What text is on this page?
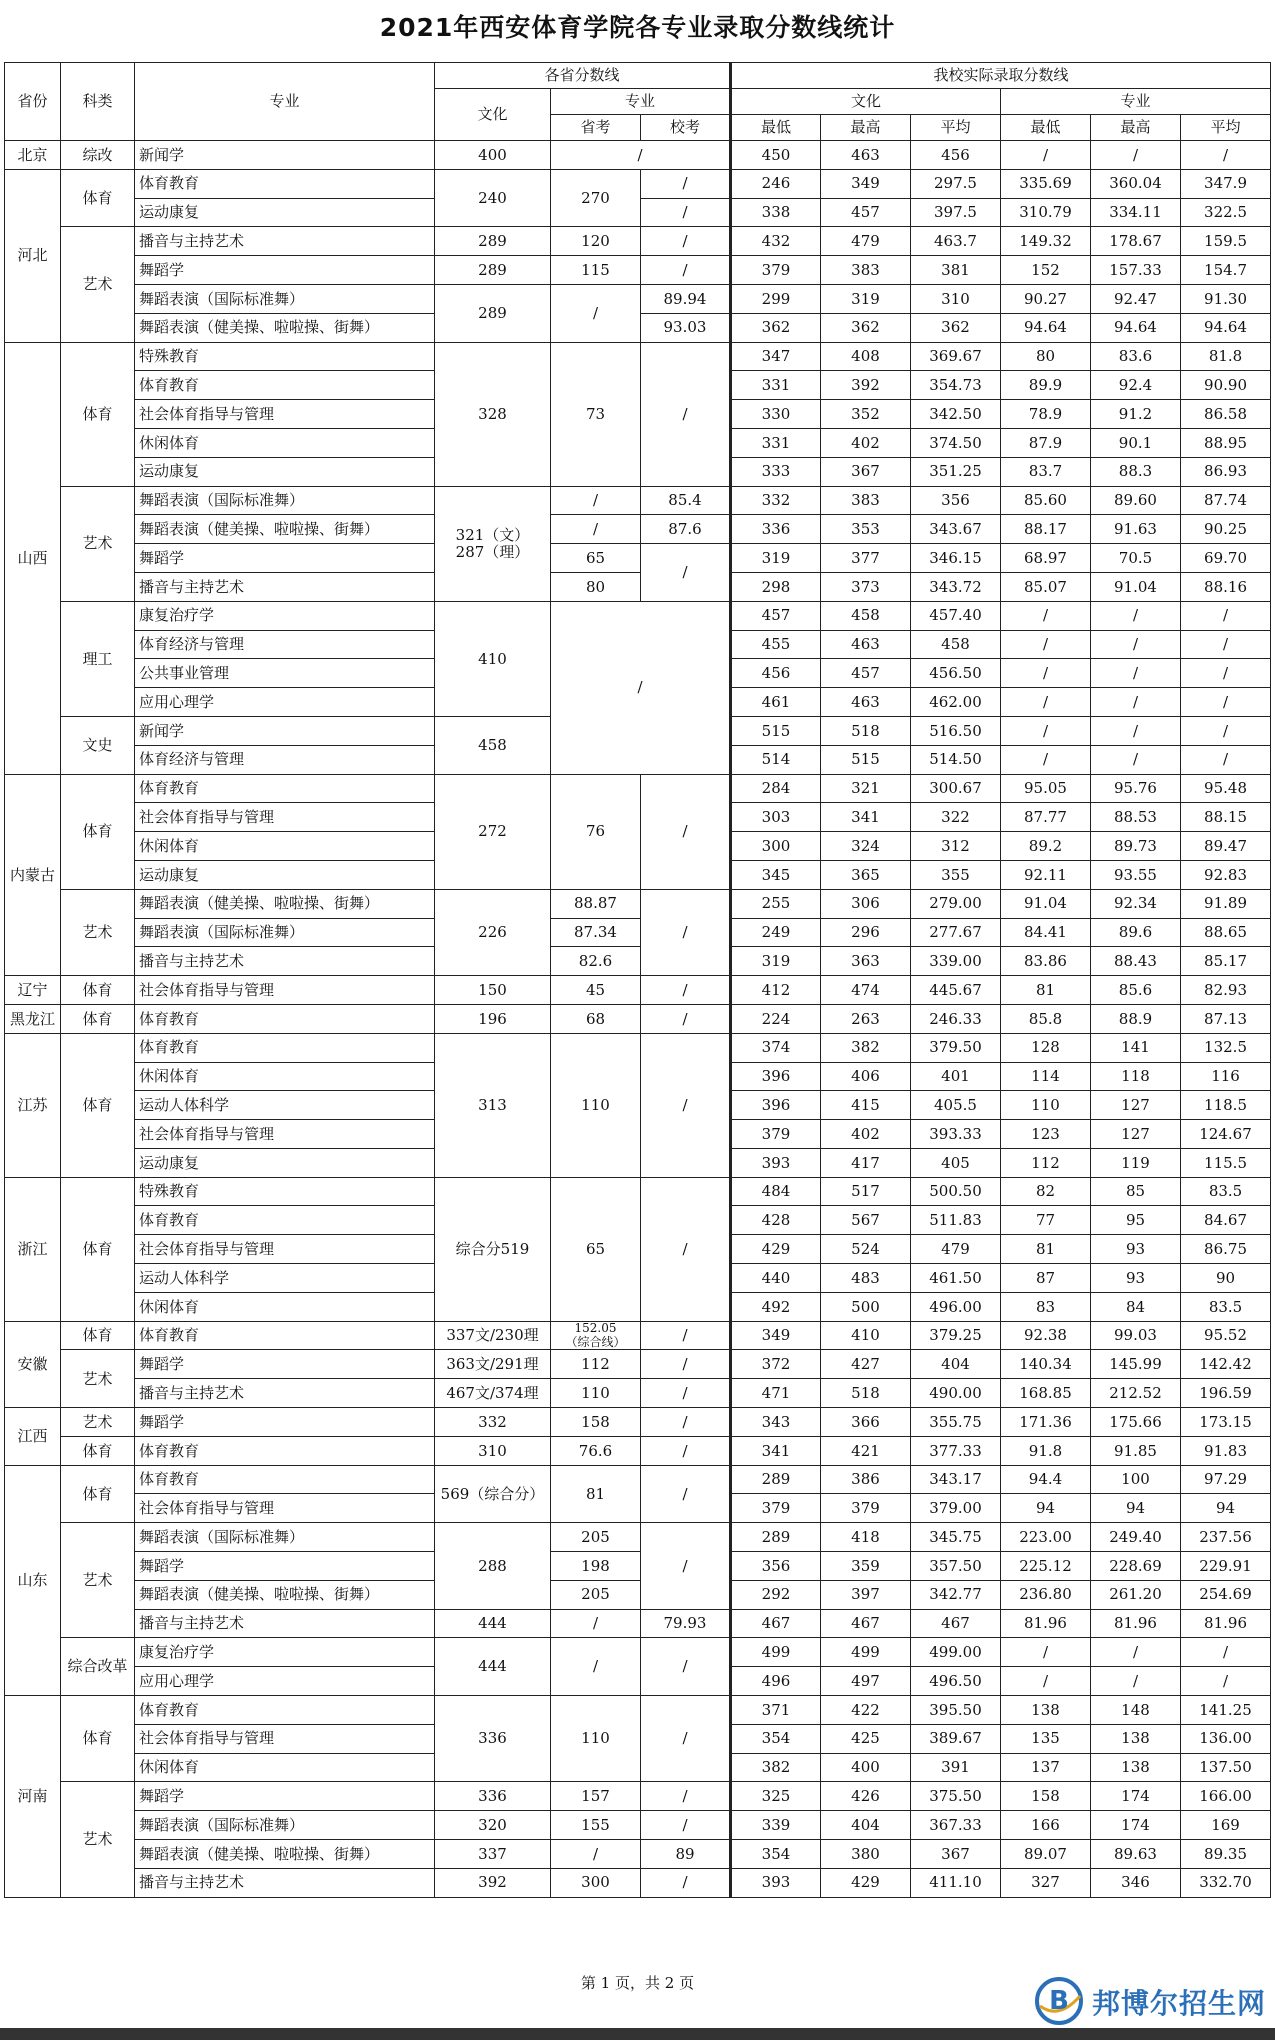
2021年西安体育学院各专业录取分数线统计
省份	科类	专业	各省分数线			我校实际录取分数线					
			文化	专业		文化			专业		
				省考	校考	最低	最高	平均	最低	最高	平均
北京	综改	新闻学	400	/		450	463	456	/	/	/
河北	体育	体育教育	240	270	/	246	349	297.5	335.69	360.04	347.9
		运动康复			/	338	457	397.5	310.79	334.11	322.5
	艺术	播音与主持艺术	289	120	/	432	479	463.7	149.32	178.67	159.5
		舞蹈学	289	115	/	379	383	381	152	157.33	154.7
		舞蹈表演（国际标准舞）	289	/	89.94	299	319	310	90.27	92.47	91.30
		舞蹈表演（健美操、啦啦操、街舞）			93.03	362	362	362	94.64	94.64	94.64
山西	体育	特殊教育	328	73	/	347	408	369.67	80	83.6	81.8
		体育教育				331	392	354.73	89.9	92.4	90.90
		社会体育指导与管理				330	352	342.50	78.9	91.2	86.58
		休闲体育				331	402	374.50	87.9	90.1	88.95
		运动康复				333	367	351.25	83.7	88.3	86.93
	艺术	舞蹈表演（国际标准舞）	321（文）
287（理）	/	85.4	332	383	356	85.60	89.60	87.74
		舞蹈表演（健美操、啦啦操、街舞）		/	87.6	336	353	343.67	88.17	91.63	90.25
		舞蹈学		65	/	319	377	346.15	68.97	70.5	69.70
		播音与主持艺术		80		298	373	343.72	85.07	91.04	88.16
	理工	康复治疗学	410	/		457	458	457.40	/	/	/
		体育经济与管理				455	463	458	/	/	/
		公共事业管理				456	457	456.50	/	/	/
		应用心理学				461	463	462.00	/	/	/
	文史	新闻学	458			515	518	516.50	/	/	/
		体育经济与管理				514	515	514.50	/	/	/
内蒙古	体育	体育教育	272	76	/	284	321	300.67	95.05	95.76	95.48
		社会体育指导与管理				303	341	322	87.77	88.53	88.15
		休闲体育				300	324	312	89.2	89.73	89.47
		运动康复				345	365	355	92.11	93.55	92.83
	艺术	舞蹈表演（健美操、啦啦操、街舞）	226	88.87	/	255	306	279.00	91.04	92.34	91.89
		舞蹈表演（国际标准舞）		87.34		249	296	277.67	84.41	89.6	88.65
		播音与主持艺术		82.6		319	363	339.00	83.86	88.43	85.17
辽宁	体育	社会体育指导与管理	150	45	/	412	474	445.67	81	85.6	82.93
黑龙江	体育	体育教育	196	68	/	224	263	246.33	85.8	88.9	87.13
江苏	体育	体育教育	313	110	/	374	382	379.50	128	141	132.5
		休闲体育				396	406	401	114	118	116
		运动人体科学				396	415	405.5	110	127	118.5
		社会体育指导与管理				379	402	393.33	123	127	124.67
		运动康复				393	417	405	112	119	115.5
浙江	体育	特殊教育	综合分519	65	/	484	517	500.50	82	85	83.5
		体育教育				428	567	511.83	77	95	84.67
		社会体育指导与管理				429	524	479	81	93	86.75
		运动人体科学				440	483	461.50	87	93	90
		休闲体育				492	500	496.00	83	84	83.5
安徽	体育	体育教育	337文/230理	152.05
（综合线）	/	349	410	379.25	92.38	99.03	95.52
	艺术	舞蹈学	363文/291理	112	/	372	427	404	140.34	145.99	142.42
		播音与主持艺术	467文/374理	110	/	471	518	490.00	168.85	212.52	196.59
江西	艺术	舞蹈学	332	158	/	343	366	355.75	171.36	175.66	173.15
	体育	体育教育	310	76.6	/	341	421	377.33	91.8	91.85	91.83
山东	体育	体育教育	569（综合分）	81	/	289	386	343.17	94.4	100	97.29
		社会体育指导与管理				379	379	379.00	94	94	94
	艺术	舞蹈表演（国际标准舞）	288	205	/	289	418	345.75	223.00	249.40	237.56
		舞蹈学		198		356	359	357.50	225.12	228.69	229.91
		舞蹈表演（健美操、啦啦操、街舞）		205		292	397	342.77	236.80	261.20	254.69
		播音与主持艺术	444	/	79.93	467	467	467	81.96	81.96	81.96
	综合改革	康复治疗学	444	/	/	499	499	499.00	/	/	/
		应用心理学				496	497	496.50	/	/	/
河南	体育	体育教育	336	110	/	371	422	395.50	138	148	141.25
		社会体育指导与管理				354	425	389.67	135	138	136.00
		休闲体育				382	400	391	137	138	137.50
	艺术	舞蹈学	336	157	/	325	426	375.50	158	174	166.00
		舞蹈表演（国际标准舞）	320	155	/	339	404	367.33	166	174	169
		舞蹈表演（健美操、啦啦操、街舞）	337	/	89	354	380	367	89.07	89.63	89.35
		播音与主持艺术	392	300	/	393	429	411.10	327	346	332.70
第 1 页，共 2 页
B 邦博尔招生网
